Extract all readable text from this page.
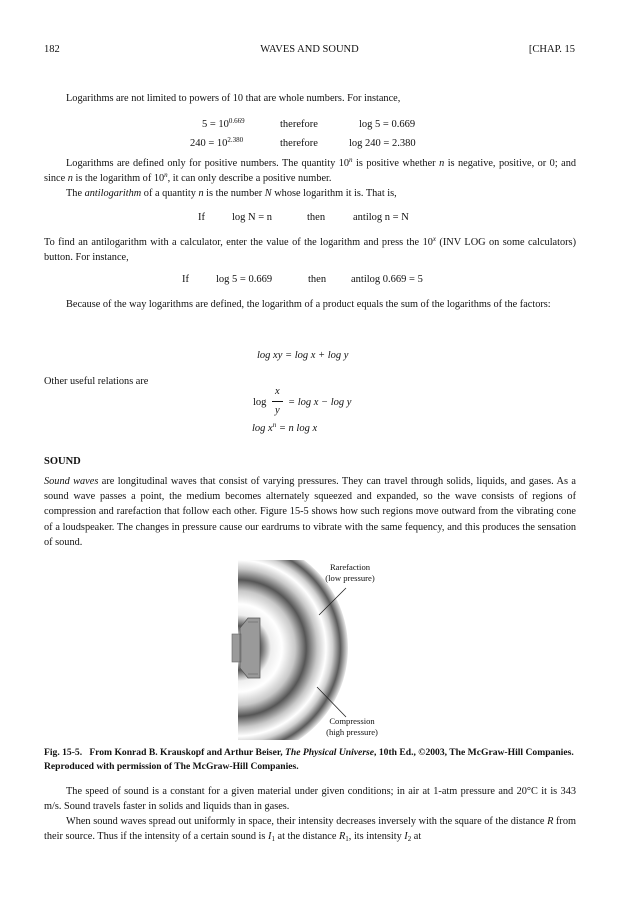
182	WAVES AND SOUND	[CHAP. 15

Logarithms are not limited to powers of 10 that are whole numbers. For instance,

$5 = 10^{0.669}$	therefore	log 5 = 0.669
$240 = 10^{2.380}$	therefore	log 240 = 2.380

Logarithms are defined only for positive numbers. The quantity 10$^n$ is positive whether n is negative, positive, or 0; and since n is the logarithm of 10$^n$, it can only describe a positive number.

The antilogarithm of a quantity n is the number N whose logarithm it is. That is,

If	log N = n	then	antilog n = N

To find an antilogarithm with a calculator, enter the value of the logarithm and press the 10$^x$ (INV LOG on some calculators) button. For instance,

If	log 5 = 0.669	then antilog 0.669 = 5

Because of the way logarithms are defined, the logarithm of a product equals the sum of the logarithms of the factors:

log xy = log x + log y

Other useful relations are

log
x
y
= log x − log y
$\log x^n = n$ log x
SOUND

Sound waves are longitudinal waves that consist of varying pressures. They can travel through solids, liquids, and gases. As a sound wave passes a point, the medium becomes alternately squeezed and expanded, so the wave consists of regions of compression and rarefaction that follow each other. Figure 15-5 shows how such regions move outward from the vibrating cone of a loudspeaker. The changes in pressure cause our eardrums to vibrate with the same fequency, and this produces the sensation of sound.

Rarefaction
(low pressure)
Compression
(high pressure)

Fig. 15-5. From Konrad B. Krauskopf and Arthur Beiser, The Physical Universe, 10th Ed., ©2003, The McGraw-Hill Companies. Reproduced with permission of The McGraw-Hill Companies.

The speed of sound is a constant for a given material under given conditions; in air at 1-atm pressure and 20°C it is 343 m/s. Sound travels faster in solids and liquids than in gases.

When sound waves spread out uniformly in space, their intensity decreases inversely with the square of the distance R from their source. Thus if the intensity of a certain sound is $I_1$ at the distance $R_1$, its intensity $I_2$ at
